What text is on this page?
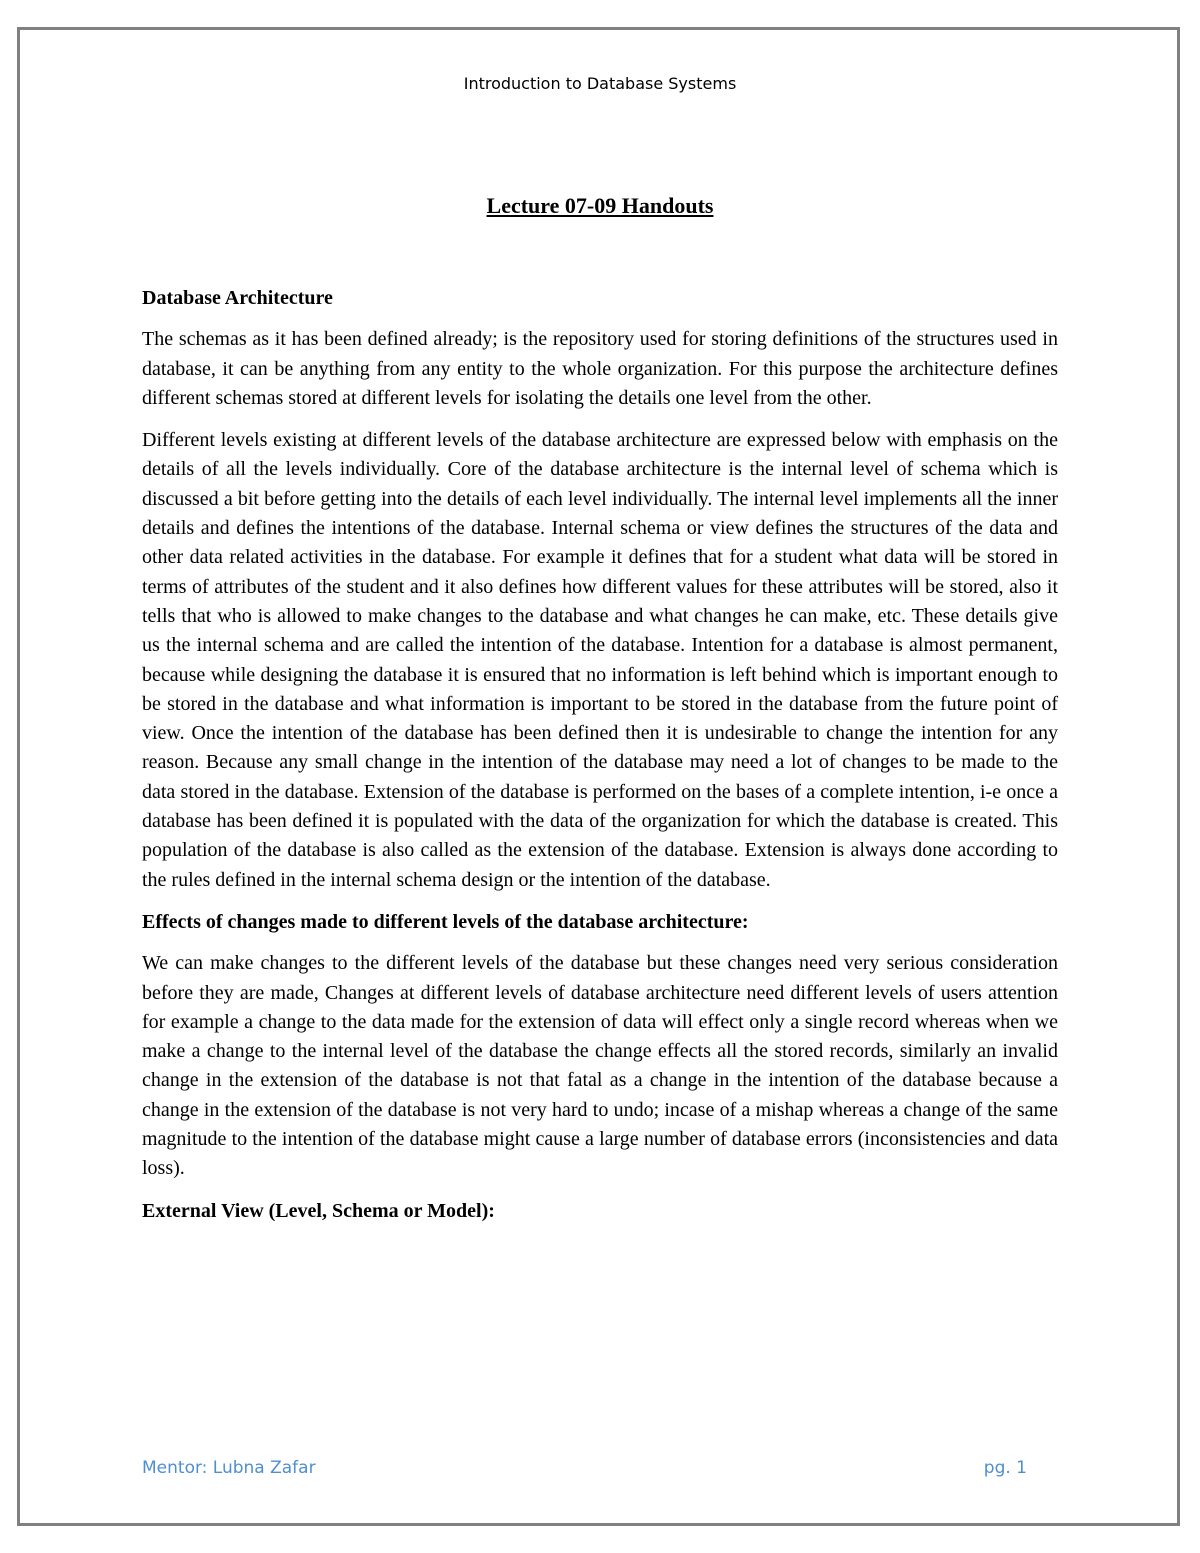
Introduction to Database Systems
Lecture 07-09 Handouts
Database Architecture

The schemas as it has been defined already; is the repository used for storing definitions of the structures used in database, it can be anything from any entity to the whole organization. For this purpose the architecture defines different schemas stored at different levels for isolating the details one level from the other.

Different levels existing at different levels of the database architecture are expressed below with emphasis on the details of all the levels individually. Core of the database architecture is the internal level of schema which is discussed a bit before getting into the details of each level individually. The internal level implements all the inner details and defines the intentions of the database. Internal schema or view defines the structures of the data and other data related activities in the database. For example it defines that for a student what data will be stored in terms of attributes of the student and it also defines how different values for these attributes will be stored, also it tells that who is allowed to make changes to the database and what changes he can make, etc. These details give us the internal schema and are called the intention of the database. Intention for a database is almost permanent, because while designing the database it is ensured that no information is left behind which is important enough to be stored in the database and what information is important to be stored in the database from the future point of view. Once the intention of the database has been defined then it is undesirable to change the intention for any reason. Because any small change in the intention of the database may need a lot of changes to be made to the data stored in the database. Extension of the database is performed on the bases of a complete intention, i-e once a database has been defined it is populated with the data of the organization for which the database is created. This population of the database is also called as the extension of the database. Extension is always done according to the rules defined in the internal schema design or the intention of the database.

Effects of changes made to different levels of the database architecture:

We can make changes to the different levels of the database but these changes need very serious consideration before they are made, Changes at different levels of database architecture need different levels of users attention for example a change to the data made for the extension of data will effect only a single record whereas when we make a change to the internal level of the database the change effects all the stored records, similarly an invalid change in the extension of the database is not that fatal as a change in the intention of the database because a change in the extension of the database is not very hard to undo; incase of a mishap whereas a change of the same magnitude to the intention of the database might cause a large number of database errors (inconsistencies and data loss).

External View (Level, Schema or Model):
Mentor: Lubna Zafar	pg. 1
